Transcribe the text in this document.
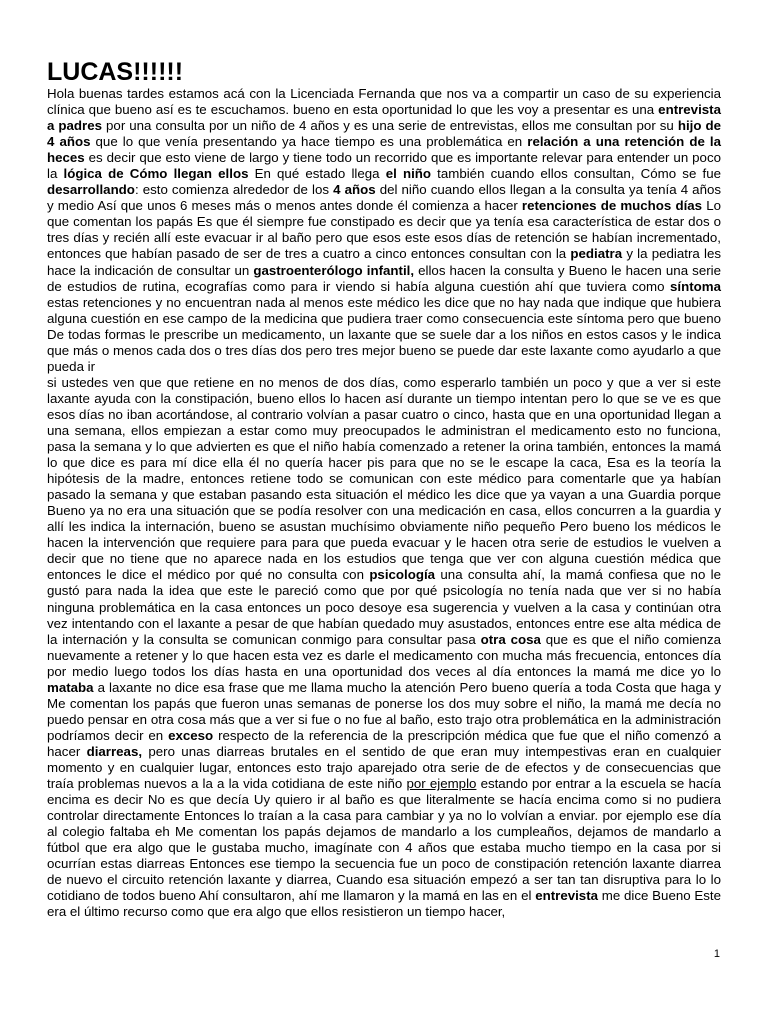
LUCAS!!!!!!

Hola buenas tardes estamos acá con la Licenciada Fernanda que nos va a compartir un caso de su experiencia clínica que bueno así es te escuchamos. bueno en esta oportunidad lo que les voy a presentar es una entrevista a padres por una consulta por un niño de 4 años y es una serie de entrevistas, ellos me consultan por su hijo de 4 años que lo que venía presentando ya hace tiempo es una problemática en relación a una retención de la heces es decir que esto viene de largo y tiene todo un recorrido que es importante relevar para entender un poco la lógica de Cómo llegan ellos En qué estado llega el niño también cuando ellos consultan, Cómo se fue desarrollando: esto comienza alrededor de los 4 años del niño cuando ellos llegan a la consulta ya tenía 4 años y medio Así que unos 6 meses más o menos antes donde él comienza a hacer retenciones de muchos días Lo que comentan los papás Es que él siempre fue constipado es decir que ya tenía esa característica de estar dos o tres días y recién allí este evacuar ir al baño pero que esos este esos días de retención se habían incrementado, entonces que habían pasado de ser de tres a cuatro a cinco entonces consultan con la pediatra y la pediatra les hace la indicación de consultar un gastroenterólogo infantil, ellos hacen la consulta y Bueno le hacen una serie de estudios de rutina, ecografías como para ir viendo si había alguna cuestión ahí que tuviera como síntoma estas retenciones y no encuentran nada al menos este médico les dice que no hay nada que indique que hubiera alguna cuestión en ese campo de la medicina que pudiera traer como consecuencia este síntoma pero que bueno De todas formas le prescribe un medicamento, un laxante que se suele dar a los niños en estos casos y le indica que más o menos cada dos o tres días dos pero tres mejor bueno se puede dar este laxante como ayudarlo a que pueda ir

si ustedes ven que que retiene en no menos de dos días, como esperarlo también un poco y que a ver si este laxante ayuda con la constipación, bueno ellos lo hacen así durante un tiempo intentan pero lo que se ve es que esos días no iban acortándose, al contrario volvían a pasar cuatro o cinco, hasta que en una oportunidad llegan a una semana, ellos empiezan a estar como muy preocupados le administran el medicamento esto no funciona, pasa la semana y lo que advierten es que el niño había comenzado a retener la orina también, entonces la mamá lo que dice es para mí dice ella él no quería hacer pis para que no se le escape la caca, Esa es la teoría la hipótesis de la madre, entonces retiene todo se comunican con este médico para comentarle que ya habían pasado la semana y que estaban pasando esta situación el médico les dice que ya vayan a una Guardia porque Bueno ya no era una situación que se podía resolver con una medicación en casa, ellos concurren a la guardia y allí les indica la internación, bueno se asustan muchísimo obviamente niño pequeño Pero bueno los médicos le hacen la intervención que requiere para para que pueda evacuar y le hacen otra serie de estudios le vuelven a decir que no tiene que no aparece nada en los estudios que tenga que ver con alguna cuestión médica que entonces le dice el médico por qué no consulta con psicología una consulta ahí, la mamá confiesa que no le gustó para nada la idea que este le pareció como que por qué psicología no tenía nada que ver si no había ninguna problemática en la casa entonces un poco desoye esa sugerencia y vuelven a la casa y continúan otra vez intentando con el laxante a pesar de que habían quedado muy asustados, entonces entre ese alta médica de la internación y la consulta se comunican conmigo para consultar pasa otra cosa que es que el niño comienza nuevamente a retener y lo que hacen esta vez es darle el medicamento con mucha más frecuencia, entonces día por medio luego todos los días hasta en una oportunidad dos veces al día entonces la mamá me dice yo lo mataba a laxante no dice esa frase que me llama mucho la atención Pero bueno quería a toda Costa que haga y Me comentan los papás que fueron unas semanas de ponerse los dos muy sobre el niño, la mamá me decía no puedo pensar en otra cosa más que a ver si fue o no fue al baño, esto trajo otra problemática en la administración podríamos decir en exceso respecto de la referencia de la prescripción médica que fue que el niño comenzó a hacer diarreas, pero unas diarreas brutales en el sentido de que eran muy intempestivas eran en cualquier momento y en cualquier lugar, entonces esto trajo aparejado otra serie de de efectos y de consecuencias que traía problemas nuevos a la a la vida cotidiana de este niño por ejemplo estando por entrar a la escuela se hacía encima es decir No es que decía Uy quiero ir al baño es que literalmente se hacía encima como si no pudiera controlar directamente Entonces lo traían a la casa para cambiar y ya no lo volvían a enviar. por ejemplo ese día al colegio faltaba eh Me comentan los papás dejamos de mandarlo a los cumpleaños, dejamos de mandarlo a fútbol que era algo que le gustaba mucho, imagínate con 4 años que estaba mucho tiempo en la casa por si ocurrían estas diarreas Entonces ese tiempo la secuencia fue un poco de constipación retención laxante diarrea de nuevo el circuito retención laxante y diarrea, Cuando esa situación empezó a ser tan tan disruptiva para lo lo cotidiano de todos bueno Ahí consultaron, ahí me llamaron y la mamá en las en el entrevista me dice Bueno Este era el último recurso como que era algo que ellos resistieron un tiempo hacer,

1
